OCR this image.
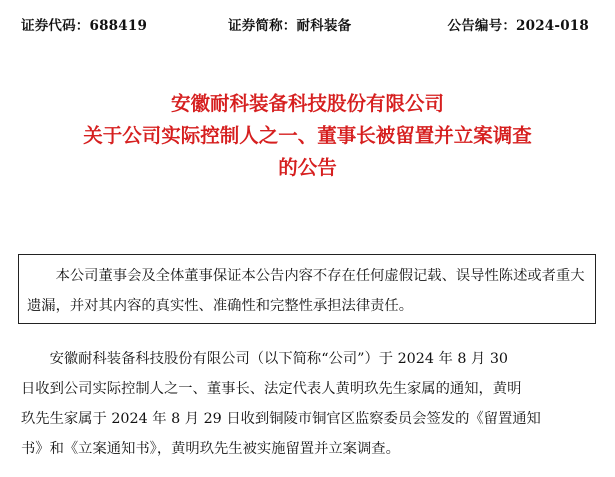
证券代码：688419	证券简称：耐科装备	公告编号：2024-018
安徽耐科装备科技股份有限公司
关于公司实际控制人之一、董事长被留置并立案调查
的公告

本公司董事会及全体董事保证本公告内容不存在任何虚假记载、误导性陈述或者重大遗漏，并对其内容的真实性、准确性和完整性承担法律责任。

安徽耐科装备科技股份有限公司（以下简称“公司”）于 2024 年 8 月 30
日收到公司实际控制人之一、董事长、法定代表人黄明玖先生家属的通知，黄明
玖先生家属于 2024 年 8 月 29 日收到铜陵市铜官区监察委员会签发的《留置通知
书》和《立案通知书》，黄明玖先生被实施留置并立案调查。
